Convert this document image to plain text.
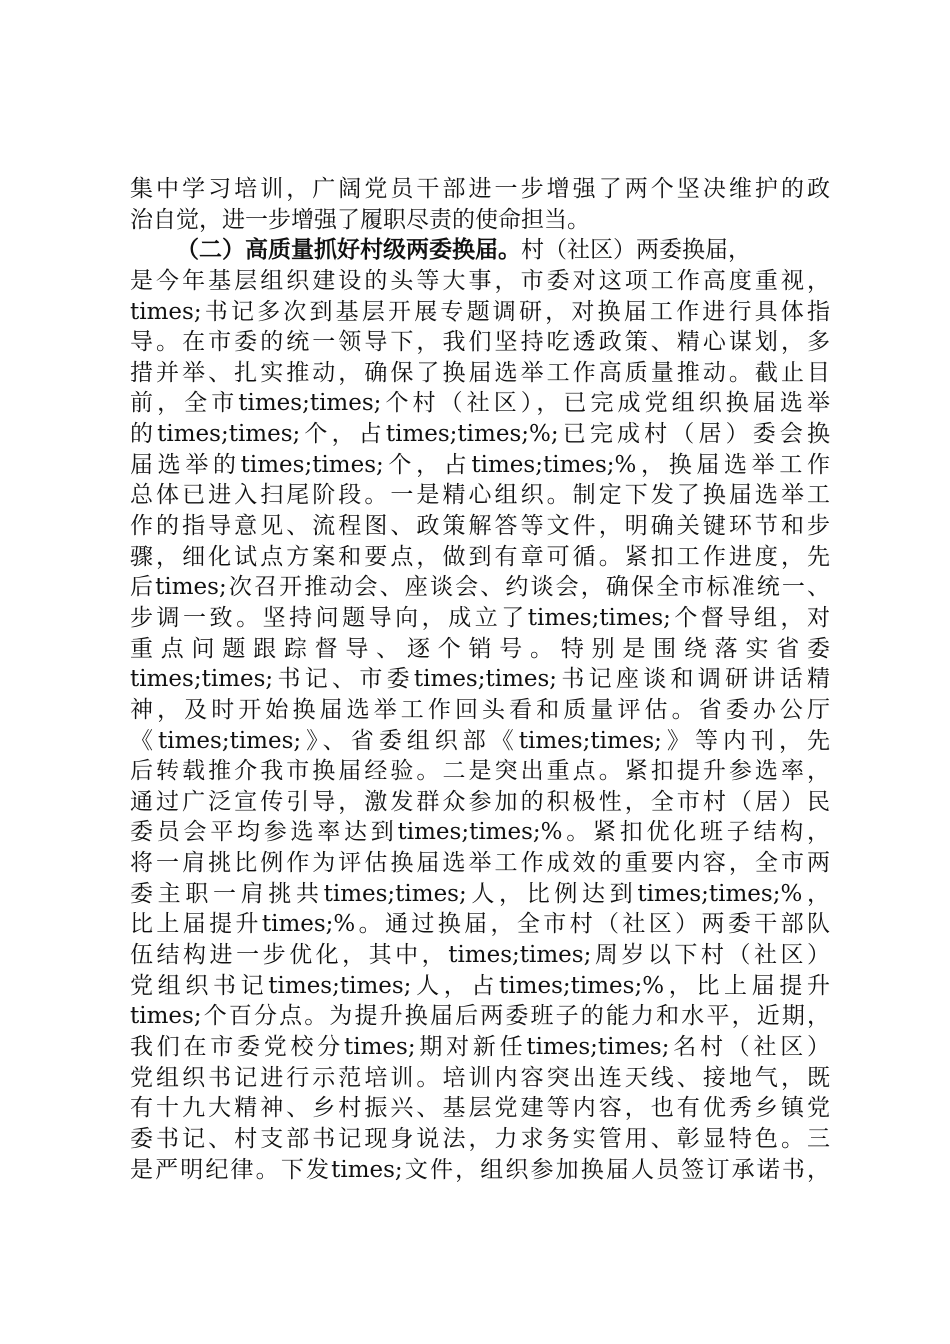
集中学习培训，广阔党员干部进一步增强了两个坚决维护的政
治自觉，进一步增强了履职尽责的使命担当。
（二）高质量抓好村级两委换届。村（社区）两委换届，
是今年基层组织建设的头等大事，市委对这项工作高度重视，
times;书记多次到基层开展专题调研，对换届工作进行具体指
导。在市委的统一领导下，我们坚持吃透政策、精心谋划，多
措并举、扎实推动，确保了换届选举工作高质量推动。截止目
前，全市times;times;个村（社区），已完成党组织换届选举
的times;times;个，占times;times;%;已完成村（居）委会换
届选举的times;times;个，占times;times;%，换届选举工作
总体已进入扫尾阶段。一是精心组织。制定下发了换届选举工
作的指导意见、流程图、政策解答等文件，明确关键环节和步
骤，细化试点方案和要点，做到有章可循。紧扣工作进度，先
后times;次召开推动会、座谈会、约谈会，确保全市标准统一、
步调一致。坚持问题导向，成立了times;times;个督导组，对
重点问题跟踪督导、逐个销号。特别是围绕落实省委
times;times;书记、市委times;times;书记座谈和调研讲话精
神，及时开始换届选举工作回头看和质量评估。省委办公厅
《times;times;》、省委组织部《times;times;》等内刊，先
后转载推介我市换届经验。二是突出重点。紧扣提升参选率，
通过广泛宣传引导，激发群众参加的积极性，全市村（居）民
委员会平均参选率达到times;times;%。紧扣优化班子结构，
将一肩挑比例作为评估换届选举工作成效的重要内容，全市两
委主职一肩挑共times;times;人，比例达到times;times;%，
比上届提升times;%。通过换届，全市村（社区）两委干部队
伍结构进一步优化，其中，times;times;周岁以下村（社区）
党组织书记times;times;人，占times;times;%，比上届提升
times;个百分点。为提升换届后两委班子的能力和水平，近期，
我们在市委党校分times;期对新任times;times;名村（社区）
党组织书记进行示范培训。培训内容突出连天线、接地气，既
有十九大精神、乡村振兴、基层党建等内容，也有优秀乡镇党
委书记、村支部书记现身说法，力求务实管用、彰显特色。三
是严明纪律。下发times;文件，组织参加换届人员签订承诺书，
